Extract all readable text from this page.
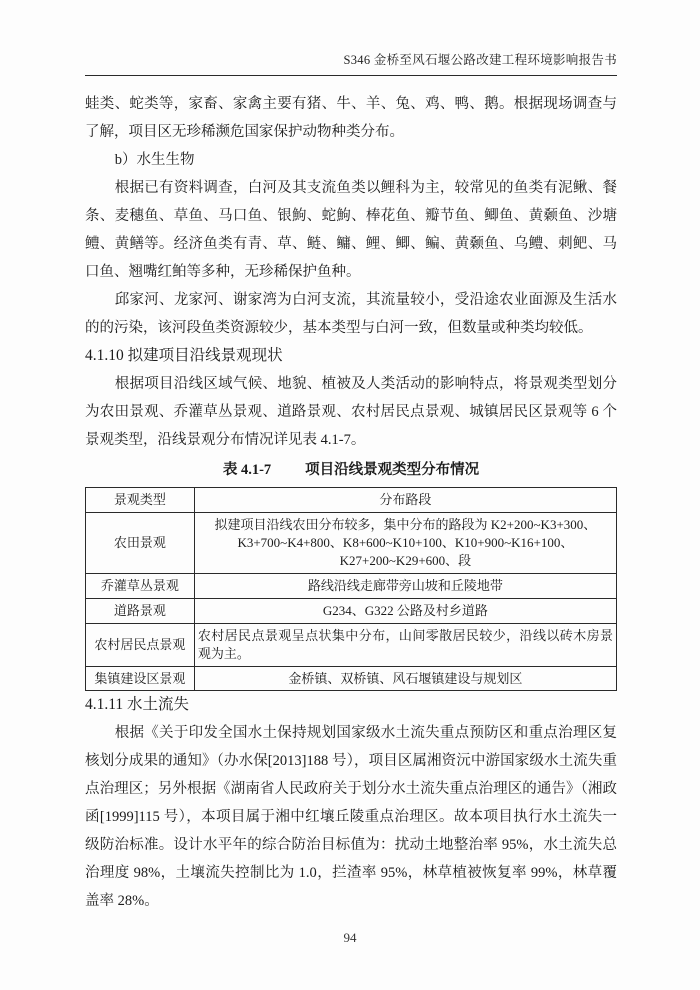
S346 金桥至风石堰公路改建工程环境影响报告书

蛙类、蛇类等，家畜、家禽主要有猪、牛、羊、兔、鸡、鸭、鹅。根据现场调查与了解，项目区无珍稀濒危国家保护动物种类分布。

b）水生生物

根据已有资料调查，白河及其支流鱼类以鲤科为主，较常见的鱼类有泥鳅、餐条、麦穗鱼、草鱼、马口鱼、银鮈、蛇鮈、棒花鱼、瓣节鱼、鲫鱼、黄颡鱼、沙塘鳢、黄鳝等。经济鱼类有青、草、鲢、鳙、鲤、鲫、鳊、黄颡鱼、乌鳢、刺鲃、马口鱼、翘嘴红鲌等多种，无珍稀保护鱼种。

邱家河、龙家河、谢家湾为白河支流，其流量较小，受沿途农业面源及生活水的的污染，该河段鱼类资源较少，基本类型与白河一致，但数量或种类均较低。

4.1.10 拟建项目沿线景观现状

根据项目沿线区域气候、地貌、植被及人类活动的影响特点，将景观类型划分为农田景观、乔灌草丛景观、道路景观、农村居民点景观、城镇居民区景观等 6 个景观类型，沿线景观分布情况详见表 4.1-7。

表 4.1-7 项目沿线景观类型分布情况
景观类型	分布路段
农田景观	拟建项目沿线农田分布较多，集中分布的路段为 K2+200~K3+300、K3+700~K4+800、K8+600~K10+100、K10+900~K16+100、K27+200~K29+600、段
乔灌草丛景观	路线沿线走廊带旁山坡和丘陵地带
道路景观	G234、G322 公路及村乡道路
农村居民点景观	农村居民点景观呈点状集中分布，山间零散居民较少，沿线以砖木房景观为主。
集镇建设区景观	金桥镇、双桥镇、风石堰镇建设与规划区
4.1.11 水土流失

根据《关于印发全国水土保持规划国家级水土流失重点预防区和重点治理区复核划分成果的通知》（办水保[2013]188 号），项目区属湘资沅中游国家级水土流失重点治理区；另外根据《湖南省人民政府关于划分水土流失重点治理区的通告》（湘政函[1999]115 号），本项目属于湘中红壤丘陵重点治理区。故本项目执行水土流失一级防治标准。设计水平年的综合防治目标值为：扰动土地整治率 95%，水土流失总治理度 98%，土壤流失控制比为 1.0，拦渣率 95%，林草植被恢复率 99%，林草覆盖率 28%。

94
